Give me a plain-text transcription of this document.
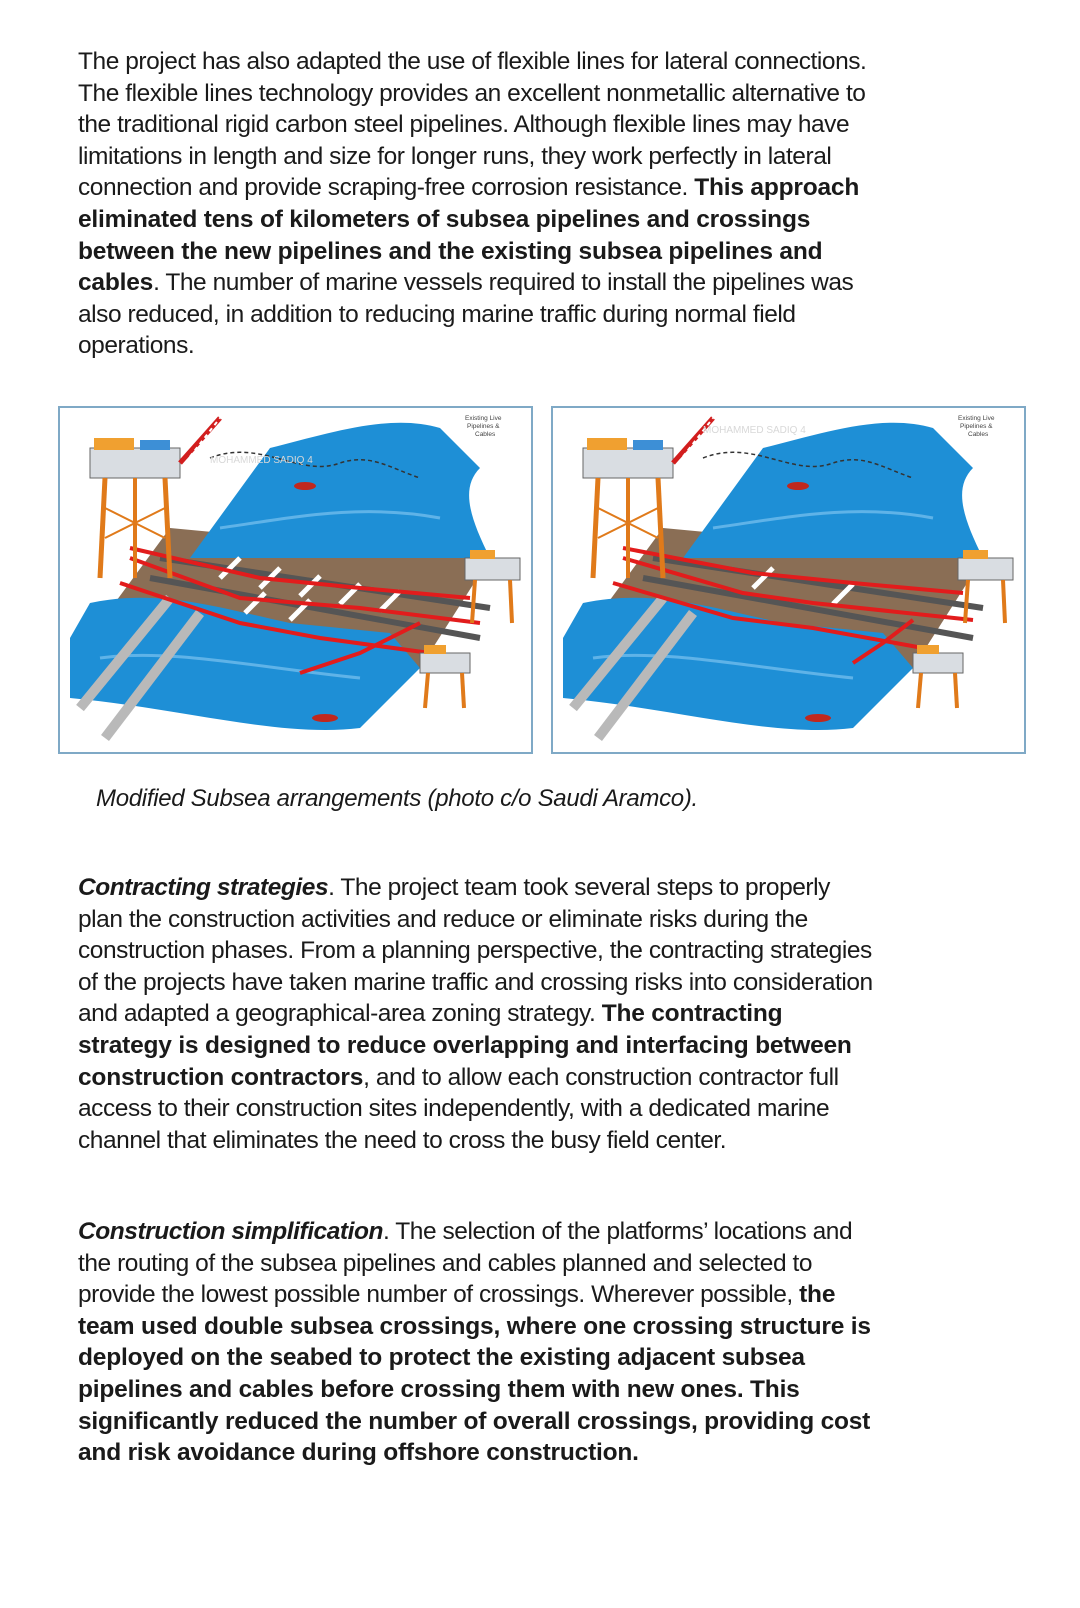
The project has also adapted the use of flexible lines for lateral connections. The flexible lines technology provides an excellent nonmetallic alternative to the traditional rigid carbon steel pipelines. Although flexible lines may have limitations in length and size for longer runs, they work perfectly in lateral connection and provide scraping-free corrosion resistance. This approach eliminated tens of kilometers of subsea pipelines and crossings between the new pipelines and the existing subsea pipelines and cables. The number of marine vessels required to install the pipelines was also reduced, in addition to reducing marine traffic during normal field operations.

Existing Live
Pipelines &
Cables
MOHAMMED SADIQ 4
Existing Live
Pipelines &
Cables
MOHAMMED SADIQ 4

Modified Subsea arrangements (photo c/o Saudi Aramco).

Contracting strategies. The project team took several steps to properly plan the construction activities and reduce or eliminate risks during the construction phases. From a planning perspective, the contracting strategies of the projects have taken marine traffic and crossing risks into consideration and adapted a geographical-area zoning strategy. The contracting strategy is designed to reduce overlapping and interfacing between construction contractors, and to allow each construction contractor full access to their construction sites independently, with a dedicated marine channel that eliminates the need to cross the busy field center.

Construction simplification. The selection of the platforms’ locations and the routing of the subsea pipelines and cables planned and selected to provide the lowest possible number of crossings. Wherever possible, the team used double subsea crossings, where one crossing structure is deployed on the seabed to protect the existing adjacent subsea pipelines and cables before crossing them with new ones. This significantly reduced the number of overall crossings, providing cost and risk avoidance during offshore construction.
